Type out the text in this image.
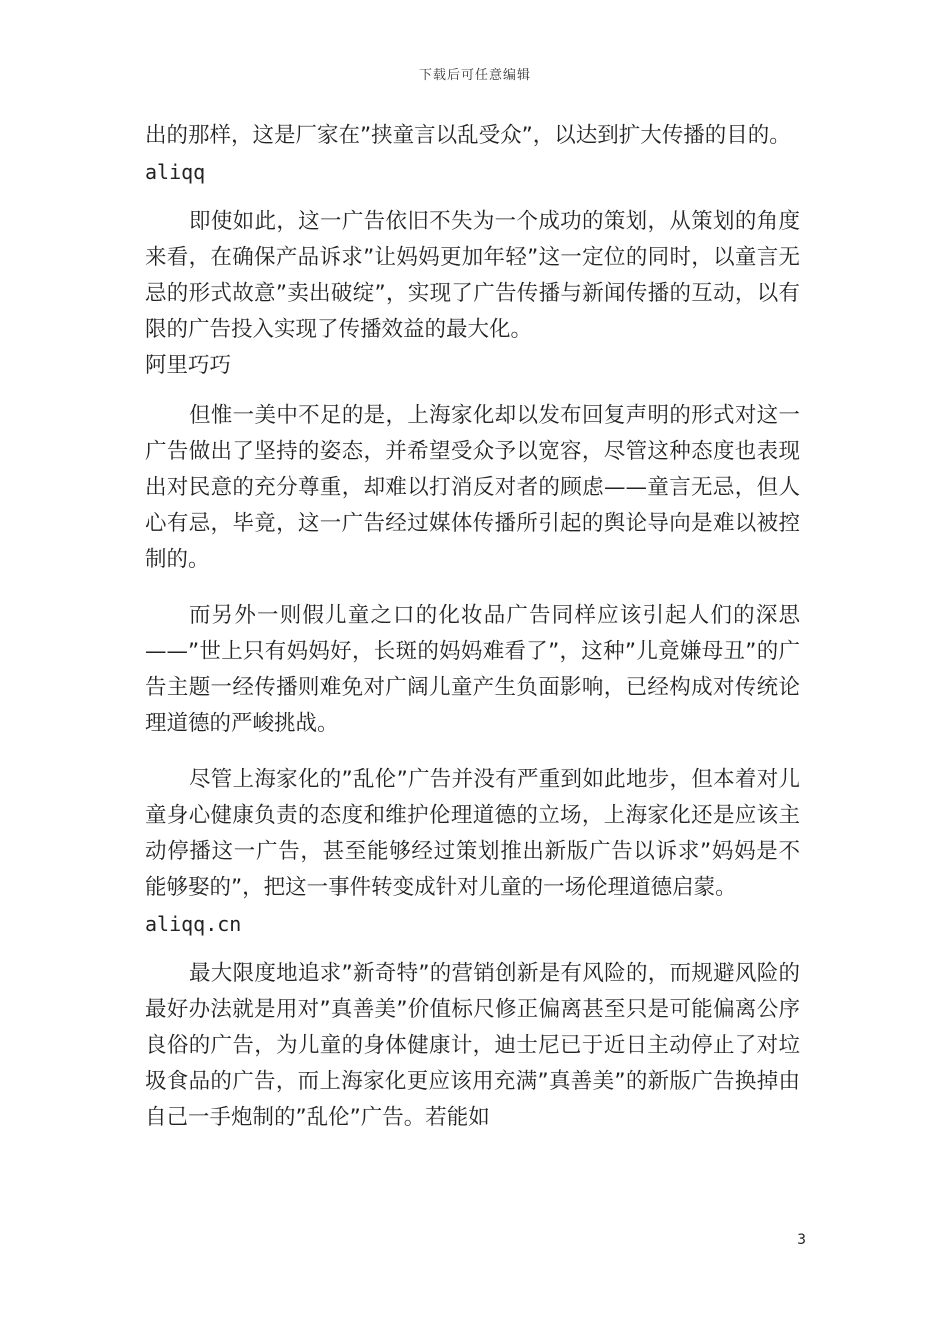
下载后可任意编辑

出的那样，这是厂家在”挟童言以乱受众”，以达到扩大传播的目的。

aliqq

即使如此，这一广告依旧不失为一个成功的策划，从策划的角度来看，在确保产品诉求”让妈妈更加年轻”这一定位的同时，以童言无忌的形式故意”卖出破绽”，实现了广告传播与新闻传播的互动，以有限的广告投入实现了传播效益的最大化。

阿里巧巧

但惟一美中不足的是，上海家化却以发布回复声明的形式对这一广告做出了坚持的姿态，并希望受众予以宽容，尽管这种态度也表现出对民意的充分尊重，却难以打消反对者的顾虑——童言无忌，但人心有忌，毕竟，这一广告经过媒体传播所引起的舆论导向是难以被控制的。

而另外一则假儿童之口的化妆品广告同样应该引起人们的深思——”世上只有妈妈好，长斑的妈妈难看了”，这种”儿竟嫌母丑”的广告主题一经传播则难免对广阔儿童产生负面影响，已经构成对传统论理道德的严峻挑战。

尽管上海家化的”乱伦”广告并没有严重到如此地步，但本着对儿童身心健康负责的态度和维护伦理道德的立场，上海家化还是应该主动停播这一广告，甚至能够经过策划推出新版广告以诉求”妈妈是不能够娶的”，把这一事件转变成针对儿童的一场伦理道德启蒙。

aliqq.cn

最大限度地追求”新奇特”的营销创新是有风险的，而规避风险的最好办法就是用对”真善美”价值标尺修正偏离甚至只是可能偏离公序良俗的广告，为儿童的身体健康计，迪士尼已于近日主动停止了对垃圾食品的广告，而上海家化更应该用充满”真善美”的新版广告换掉由自己一手炮制的”乱伦”广告。若能如

3
